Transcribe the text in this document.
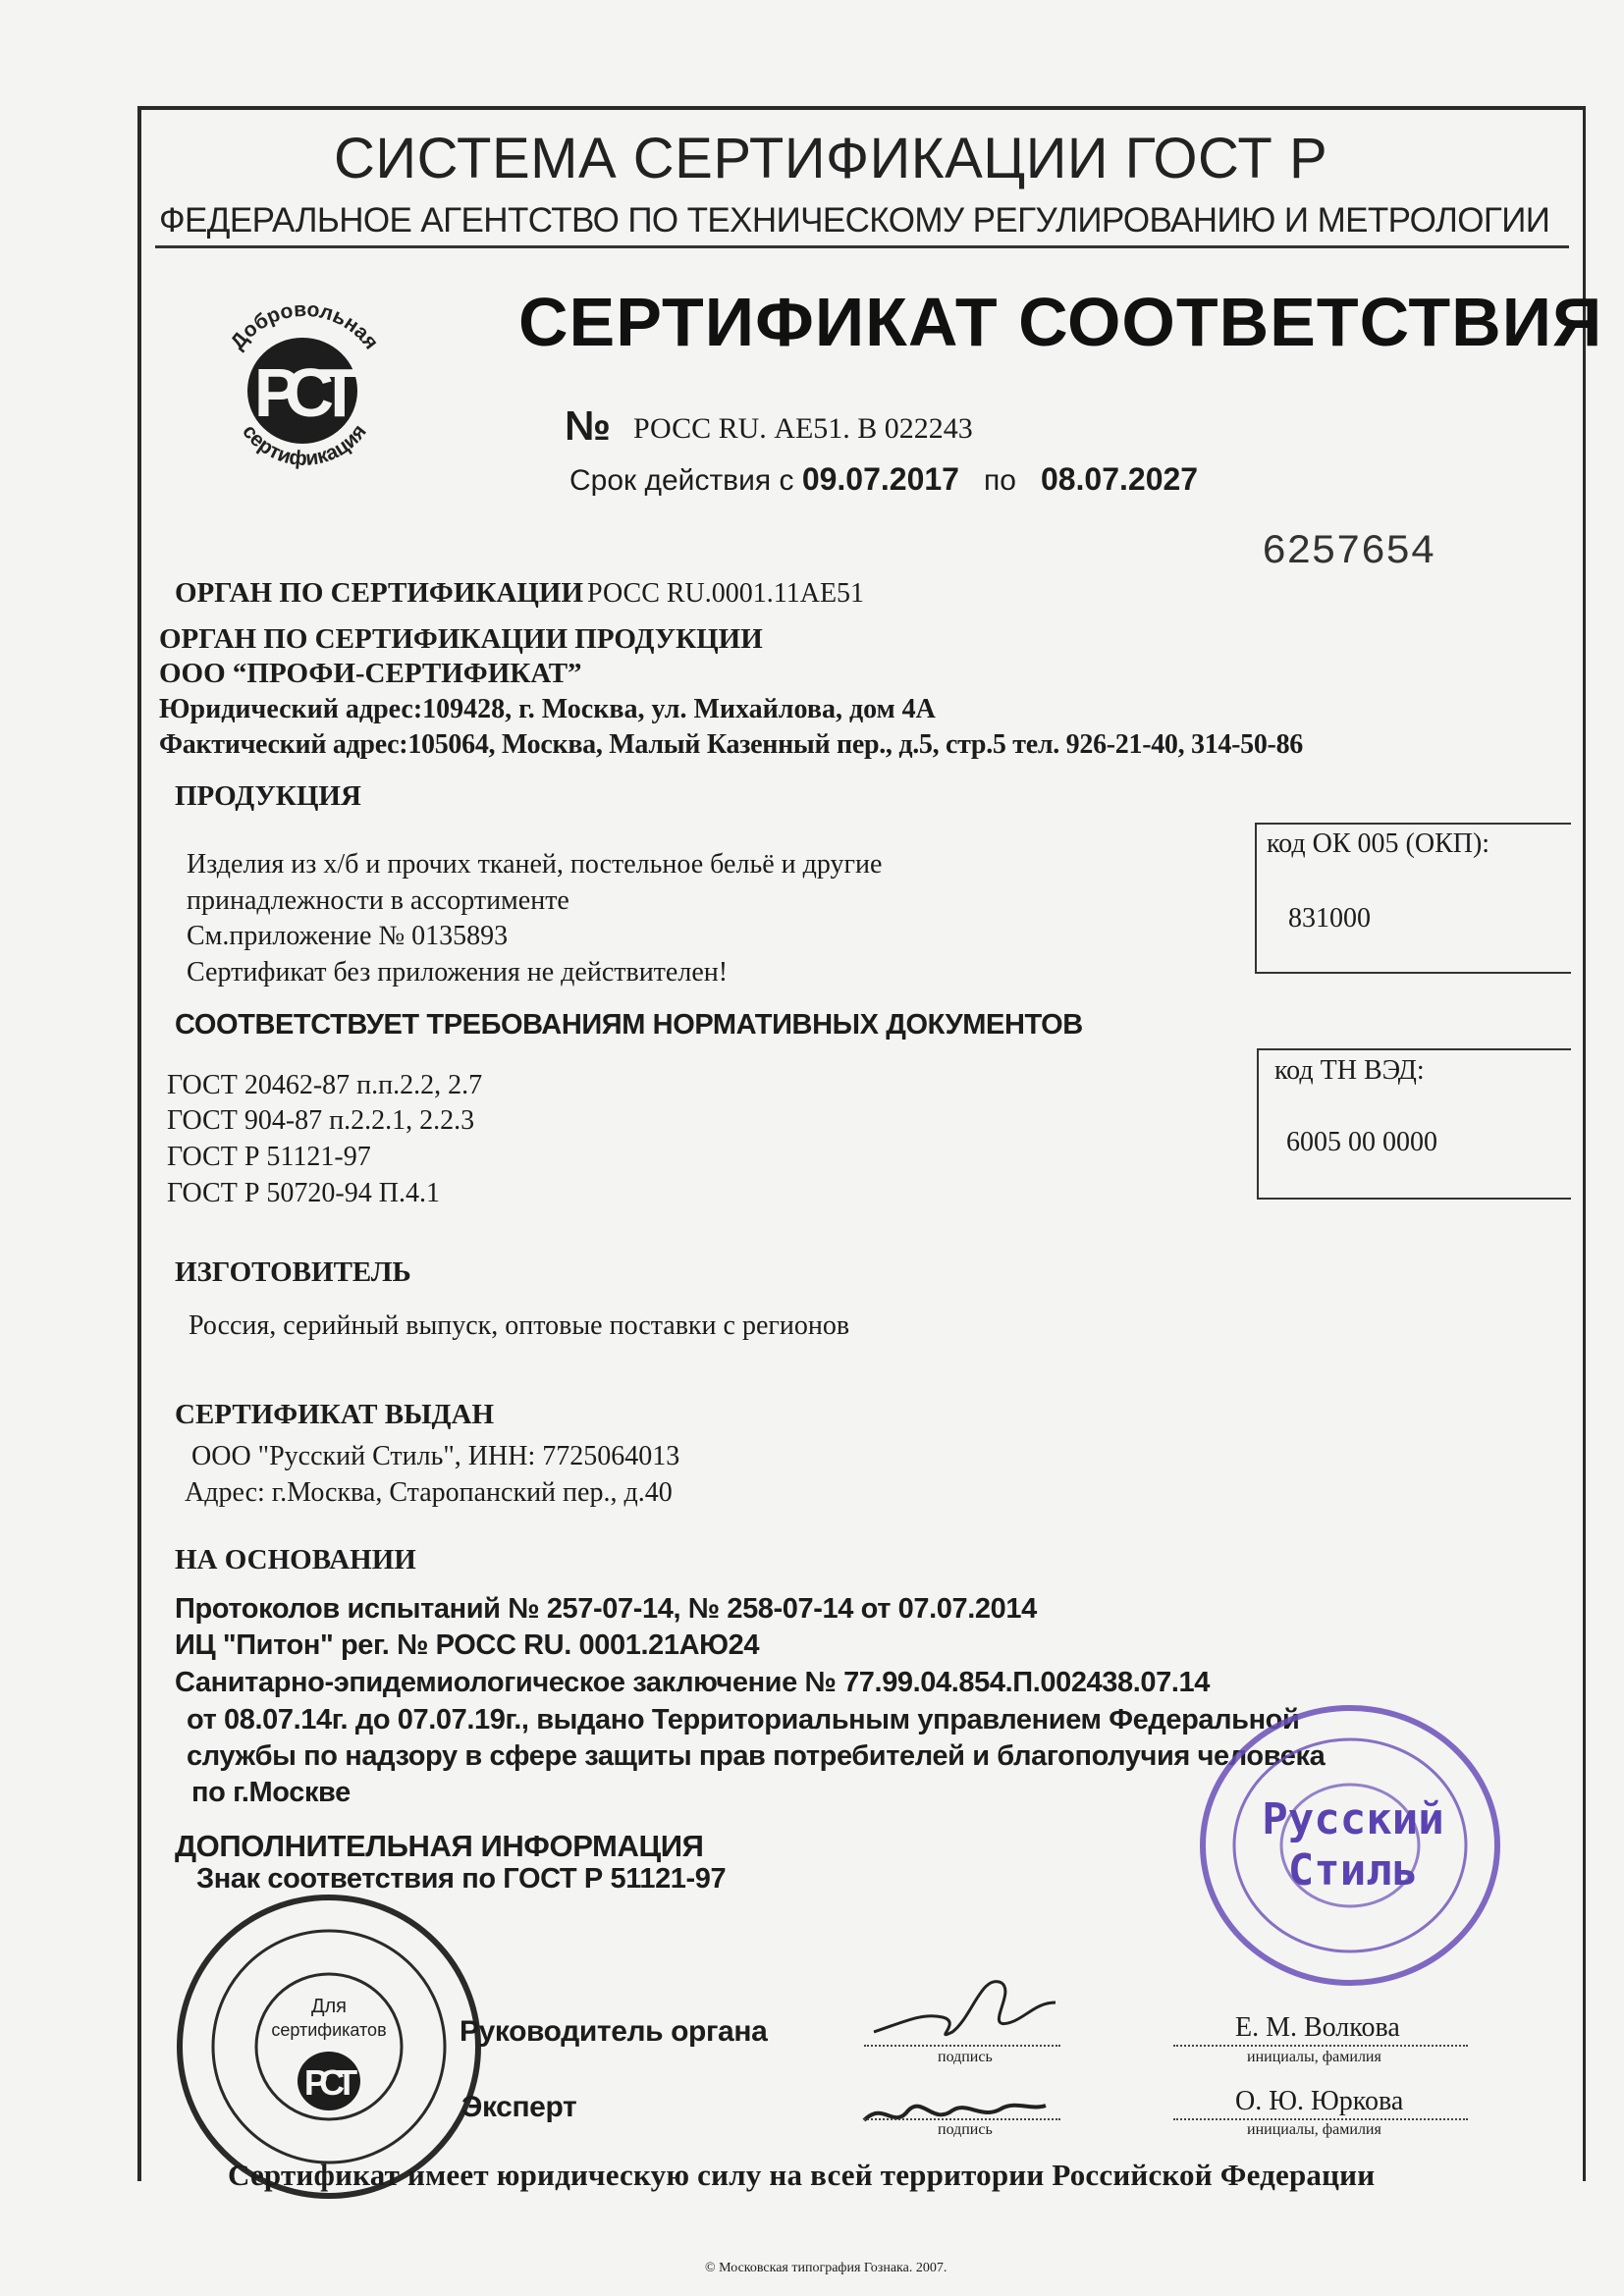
СИСТЕМА СЕРТИФИКАЦИИ ГОСТ Р
ФЕДЕРАЛЬНОЕ АГЕНТСТВО ПО ТЕХНИЧЕСКОМУ РЕГУЛИРОВАНИЮ И МЕТРОЛОГИИ
Добровольная
сертификация
РСТ
СЕРТИФИКАТ СООТВЕТСТВИЯ
№ РОСС RU. АЕ51. В 022243
Срок действия с 09.07.2017 по 08.07.2027
6257654
ОРГАН ПО СЕРТИФИКАЦИИ РОСС RU.0001.11АЕ51
ОРГАН ПО СЕРТИФИКАЦИИ ПРОДУКЦИИ
ООО “ПРОФИ-СЕРТИФИКАТ”
Юридический адрес:109428, г. Москва, ул. Михайлова, дом 4А
Фактический адрес:105064, Москва, Малый Казенный пер., д.5, стр.5 тел. 926-21-40, 314-50-86
ПРОДУКЦИЯ
Изделия из х/б и прочих тканей, постельное бельё и другие
принадлежности в ассортименте
См.приложение № 0135893
Сертификат без приложения не действителен!
код ОК 005 (ОКП):
831000
СООТВЕТСТВУЕТ ТРЕБОВАНИЯМ НОРМАТИВНЫХ ДОКУМЕНТОВ
ГОСТ 20462-87 п.п.2.2, 2.7
ГОСТ 904-87 п.2.2.1, 2.2.3
ГОСТ Р 51121-97
ГОСТ Р 50720-94 П.4.1
код ТН ВЭД:
6005 00 0000
ИЗГОТОВИТЕЛЬ
Россия, серийный выпуск, оптовые поставки с регионов
СЕРТИФИКАТ ВЫДАН
ООО "Русский Стиль", ИНН: 7725064013
Адрес: г.Москва, Старопанский пер., д.40
НА ОСНОВАНИИ
Протоколов испытаний № 257-07-14, № 258-07-14 от 07.07.2014
ИЦ "Питон" рег. № РОСС RU. 0001.21АЮ24
Санитарно-эпидемиологическое заключение № 77.99.04.854.П.002438.07.14
от 08.07.14г. до 07.07.19г., выдано Территориальным управлением Федеральной
службы по надзору в сфере защиты прав потребителей и благополучия человека
по г.Москве
ДОПОЛНИТЕЛЬНАЯ ИНФОРМАЦИЯ
Знак соответствия по ГОСТ Р 51121-97
Русский
Стиль
Для
сертификатов
РСТ
Руководитель органа
подпись
Е. М. Волкова
инициалы, фамилия
Эксперт
подпись
О. Ю. Юркова
инициалы, фамилия
Сертификат имеет юридическую силу на всей территории Российской Федерации
© Московская типография Гознака. 2007.
